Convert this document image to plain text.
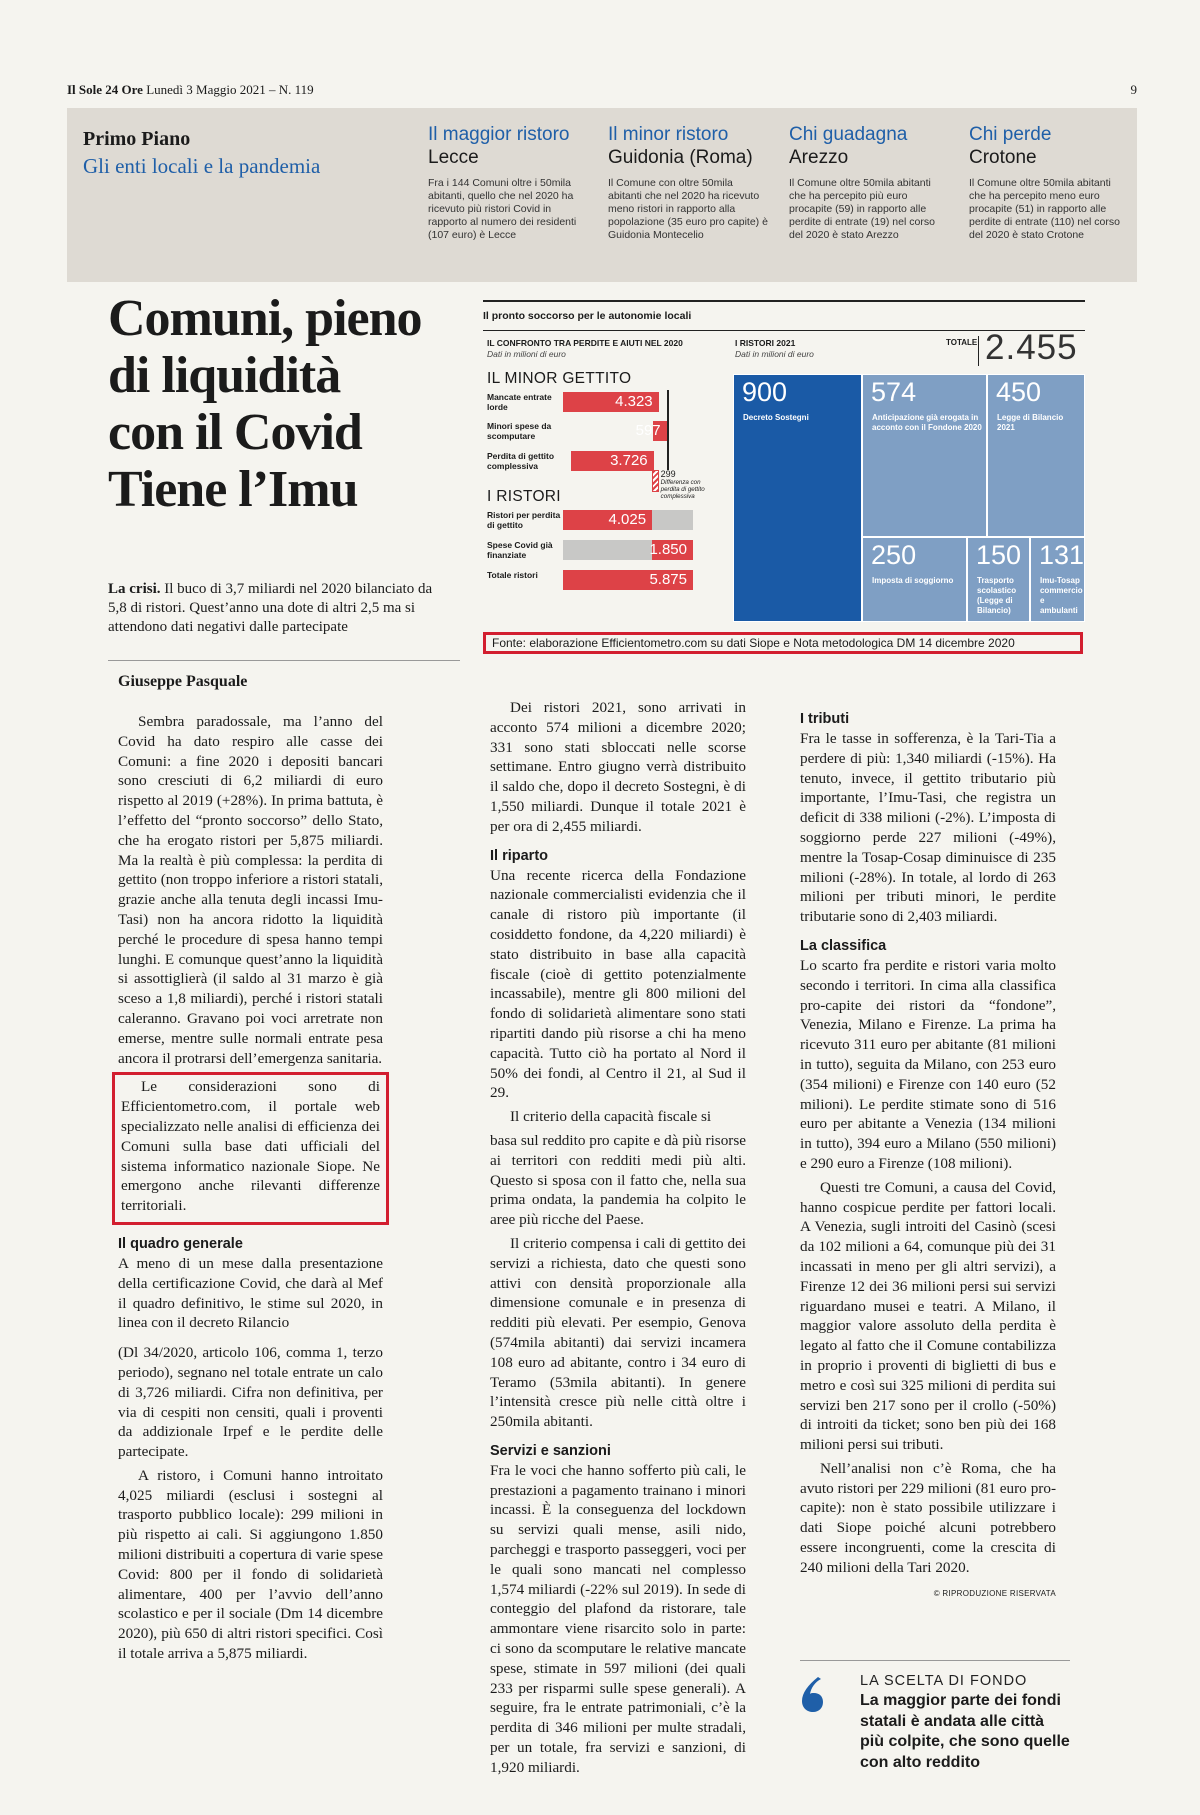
Il Sole 24 Ore Lunedì 3 Maggio 2021 – N. 119	9
Primo Piano
Gli enti locali e la pandemia
Il maggior ristoro
Lecce
Fra i 144 Comuni oltre i 50mila abitanti, quello che nel 2020 ha ricevuto più ristori Covid in rapporto al numero dei residenti (107 euro) è Lecce
Il minor ristoro
Guidonia (Roma)
Il Comune con oltre 50mila abitanti che nel 2020 ha ricevuto meno ristori in rapporto alla popolazione (35 euro pro capite) è Guidonia Montecelio
Chi guadagna
Arezzo
Il Comune oltre 50mila abitanti che ha percepito più euro procapite (59) in rapporto alle perdite di entrate (19) nel corso del 2020 è stato Arezzo
Chi perde
Crotone
Il Comune oltre 50mila abitanti che ha percepito meno euro procapite (51) in rapporto alle perdite di entrate (110) nel corso del 2020 è stato Crotone
Comuni, pieno
di liquidità
con il Covid
Tiene l’Imu
La crisi. Il buco di 3,7 miliardi nel 2020 bilanciato da 5,8 di ristori. Quest’anno una dote di altri 2,5 ma si attendono dati negativi dalle partecipate
Giuseppe Pasquale
Il pronto soccorso per le autonomie locali
IL CONFRONTO TRA PERDITE E AIUTI NEL 2020
Dati in milioni di euro
I RISTORI 2021
Dati in milioni di euro
TOTALE 2.455
IL MINOR GETTITO
I RISTORI
4.323
597
3.726
299
Differenza con perdita di gettito complessiva
4.025
1.850
5.875
Mancate entrate lorde
Minori spese da scomputare
Perdita di gettito complessiva
Ristori per perdita di gettito
Spese Covid già finanziate
Totale ristori
900
Decreto Sostegni
574
Anticipazione già erogata in acconto con il Fondone 2020
450
Legge di Bilancio 2021
250
Imposta di soggiorno
150
Trasporto scolastico (Legge di Bilancio)
131
Imu-Tosap commercio e ambulanti
Fonte: elaborazione Efficientometro.com su dati Siope e Nota metodologica DM 14 dicembre 2020

Sembra paradossale, ma l’anno del Covid ha dato respiro alle casse dei Comuni: a fine 2020 i depositi bancari sono cresciuti di 6,2 miliardi di euro rispetto al 2019 (+28%). In prima battuta, è l’effetto del “pronto soccorso” dello Stato, che ha erogato ristori per 5,875 miliardi. Ma la realtà è più complessa: la perdita di gettito (non troppo inferiore a ristori statali, grazie anche alla tenuta degli incassi Imu-Tasi) non ha ancora ridotto la liquidità perché le procedure di spesa hanno tempi lunghi. E comunque quest’anno la liquidità si assottiglierà (il saldo al 31 marzo è già sceso a 1,8 miliardi), perché i ristori statali caleranno. Gravano poi voci arretrate non emerse, mentre sulle normali entrate pesa ancora il protrarsi dell’emergenza sanitaria.

Le considerazioni sono di Efficientometro.com, il portale web specializzato nelle analisi di efficienza dei Comuni sulla base dati ufficiali del sistema informatico nazionale Siope. Ne emergono anche rilevanti differenze territoriali.

Il quadro generale

A meno di un mese dalla presentazione della certificazione Covid, che darà al Mef il quadro definitivo, le stime sul 2020, in linea con il decreto Rilancio

(Dl 34/2020, articolo 106, comma 1, terzo periodo), segnano nel totale entrate un calo di 3,726 miliardi. Cifra non definitiva, per via di cespiti non censiti, quali i proventi da addizionale Irpef e le perdite delle partecipate.

A ristoro, i Comuni hanno introitato 4,025 miliardi (esclusi i sostegni al trasporto pubblico locale): 299 milioni in più rispetto ai cali. Si aggiungono 1.850 milioni distribuiti a copertura di varie spese Covid: 800 per il fondo di solidarietà alimentare, 400 per l’avvio dell’anno scolastico e per il sociale (Dm 14 dicembre 2020), più 650 di altri ristori specifici. Così il totale arriva a 5,875 miliardi.

Dei ristori 2021, sono arrivati in acconto 574 milioni a dicembre 2020; 331 sono stati sbloccati nelle scorse settimane. Entro giugno verrà distribuito il saldo che, dopo il decreto Sostegni, è di 1,550 miliardi. Dunque il totale 2021 è per ora di 2,455 miliardi.

Il riparto

Una recente ricerca della Fondazione nazionale commercialisti evidenzia che il canale di ristoro più importante (il cosiddetto fondone, da 4,220 miliardi) è stato distribuito in base alla capacità fiscale (cioè di gettito potenzialmente incassabile), mentre gli 800 milioni del fondo di solidarietà alimentare sono stati ripartiti dando più risorse a chi ha meno capacità. Tutto ciò ha portato al Nord il 50% dei fondi, al Centro il 21, al Sud il 29.

Il criterio della capacità fiscale si

basa sul reddito pro capite e dà più risorse ai territori con redditi medi più alti. Questo si sposa con il fatto che, nella sua prima ondata, la pandemia ha colpito le aree più ricche del Paese.

Il criterio compensa i cali di gettito dei servizi a richiesta, dato che questi sono attivi con densità proporzionale alla dimensione comunale e in presenza di redditi più elevati. Per esempio, Genova (574mila abitanti) dai servizi incamera 108 euro ad abitante, contro i 34 euro di Teramo (53mila abitanti). In genere l’intensità cresce più nelle città oltre i 250mila abitanti.

Servizi e sanzioni

Fra le voci che hanno sofferto più cali, le prestazioni a pagamento trainano i minori incassi. È la conseguenza del lockdown su servizi quali mense, asili nido, parcheggi e trasporto passeggeri, voci per le quali sono mancati nel complesso 1,574 miliardi (-22% sul 2019). In sede di conteggio del plafond da ristorare, tale ammontare viene risarcito solo in parte: ci sono da scomputare le relative mancate spese, stimate in 597 milioni (dei quali 233 per risparmi sulle spese generali). A seguire, fra le entrate patrimoniali, c’è la perdita di 346 milioni per multe stradali, per un totale, fra servizi e sanzioni, di 1,920 miliardi.

I tributi

Fra le tasse in sofferenza, è la Tari-Tia a perdere di più: 1,340 miliardi (-15%). Ha tenuto, invece, il gettito tributario più importante, l’Imu-Tasi, che registra un deficit di 338 milioni (-2%). L’imposta di soggiorno perde 227 milioni (-49%), mentre la Tosap-Cosap diminuisce di 235 milioni (-28%). In totale, al lordo di 263 milioni per tributi minori, le perdite tributarie sono di 2,403 miliardi.

La classifica

Lo scarto fra perdite e ristori varia molto secondo i territori. In cima alla classifica pro-capite dei ristori da “fondone”, Venezia, Milano e Firenze. La prima ha ricevuto 311 euro per abitante (81 milioni in tutto), seguita da Milano, con 253 euro (354 milioni) e Firenze con 140 euro (52 milioni). Le perdite stimate sono di 516 euro per abitante a Venezia (134 milioni in tutto), 394 euro a Milano (550 milioni) e 290 euro a Firenze (108 milioni).

Questi tre Comuni, a causa del Covid, hanno cospicue perdite per fattori locali. A Venezia, sugli introiti del Casinò (scesi da 102 milioni a 64, comunque più dei 31 incassati in meno per gli altri servizi), a Firenze 12 dei 36 milioni persi sui servizi riguardano musei e teatri. A Milano, il maggior valore assoluto della perdita è legato al fatto che il Comune contabilizza in proprio i proventi di biglietti di bus e metro e così sui 325 milioni di perdita sui servizi ben 217 sono per il crollo (-50%) di introiti da ticket; sono ben più dei 168 milioni persi sui tributi.

Nell’analisi non c’è Roma, che ha avuto ristori per 229 milioni (81 euro pro-capite): non è stato possibile utilizzare i dati Siope poiché alcuni potrebbero essere incongruenti, come la crescita di 240 milioni della Tari 2020.

© RIPRODUZIONE RISERVATA

LA SCELTA DI FONDO
La maggior parte dei fondi statali è andata alle città più colpite, che sono quelle con alto reddito
